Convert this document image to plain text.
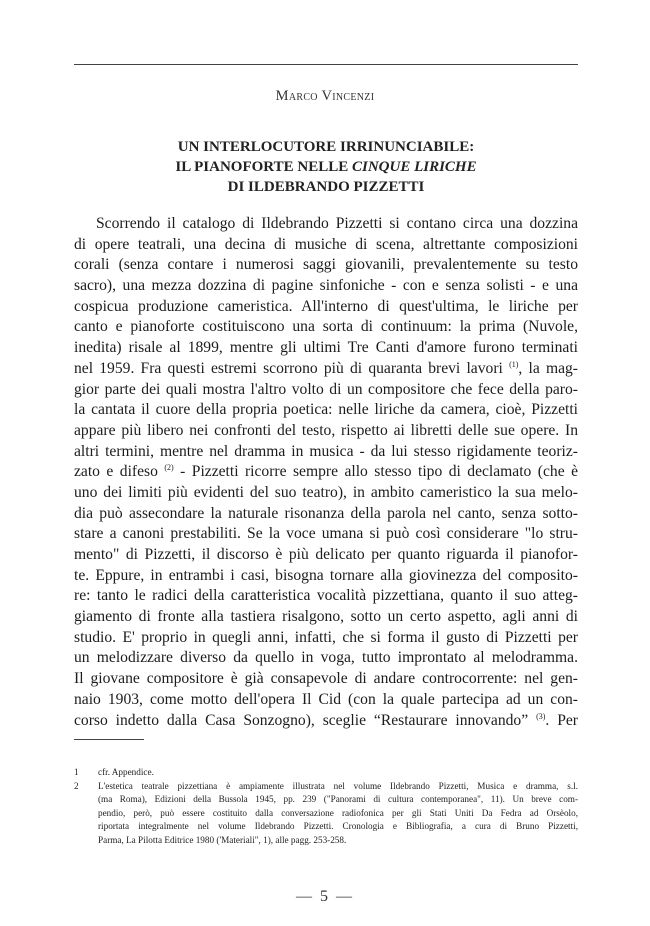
Marco Vincenzi
UN INTERLOCUTORE IRRINUNCIABILE:
IL PIANOFORTE NELLE CINQUE LIRICHE
DI ILDEBRANDO PIZZETTI
Scorrendo il catalogo di Ildebrando Pizzetti si contano circa una dozzina
di opere teatrali, una decina di musiche di scena, altrettante composizioni
corali (senza contare i numerosi saggi giovanili, prevalentemente su testo
sacro), una mezza dozzina di pagine sinfoniche - con e senza solisti - e una
cospicua produzione cameristica. All'interno di quest'ultima, le liriche per
canto e pianoforte costituiscono una sorta di continuum: la prima (Nuvole,
inedita) risale al 1899, mentre gli ultimi Tre Canti d'amore furono terminati
nel 1959. Fra questi estremi scorrono più di quaranta brevi lavori $^{(1)}$, la mag-
gior parte dei quali mostra l'altro volto di un compositore che fece della paro-
la cantata il cuore della propria poetica: nelle liriche da camera, cioè, Pizzetti
appare più libero nei confronti del testo, rispetto ai libretti delle sue opere. In
altri termini, mentre nel dramma in musica - da lui stesso rigidamente teoriz-
zato e difeso $^{(2)}$ - Pizzetti ricorre sempre allo stesso tipo di declamato (che è
uno dei limiti più evidenti del suo teatro), in ambito cameristico la sua melo-
dia può assecondare la naturale risonanza della parola nel canto, senza sotto-
stare a canoni prestabiliti. Se la voce umana si può così considerare "lo stru-
mento" di Pizzetti, il discorso è più delicato per quanto riguarda il pianofor-
te. Eppure, in entrambi i casi, bisogna tornare alla giovinezza del composito-
re: tanto le radici della caratteristica vocalità pizzettiana, quanto il suo atteg-
giamento di fronte alla tastiera risalgono, sotto un certo aspetto, agli anni di
studio. E' proprio in quegli anni, infatti, che si forma il gusto di Pizzetti per
un melodizzare diverso da quello in voga, tutto improntato al melodramma.
Il giovane compositore è già consapevole di andare controcorrente: nel gen-
naio 1903, come motto dell'opera Il Cid (con la quale partecipa ad un con-
corso indetto dalla Casa Sonzogno), sceglie “Restaurare innovando” $^{(3)}$. Per
1	cfr. Appendice.
2	L'estetica teatrale pizzettiana è ampiamente illustrata nel volume Ildebrando Pizzetti, Musica e dramma, s.l.
(ma Roma), Edizioni della Bussola 1945, pp. 239 ("Panorami di cultura contemporanea", 11). Un breve com-
pendio, però, può essere costituito dalla conversazione radiofonica per gli Stati Uniti Da Fedra ad Orsèolo,
riportata integralmente nel volume Ildebrando Pizzetti. Cronologia e Bibliografia, a cura di Bruno Pizzetti,
Parma, La Pilotta Editrice 1980 ('Materiali", 1), alle pagg. 253-258.
— 5 —
